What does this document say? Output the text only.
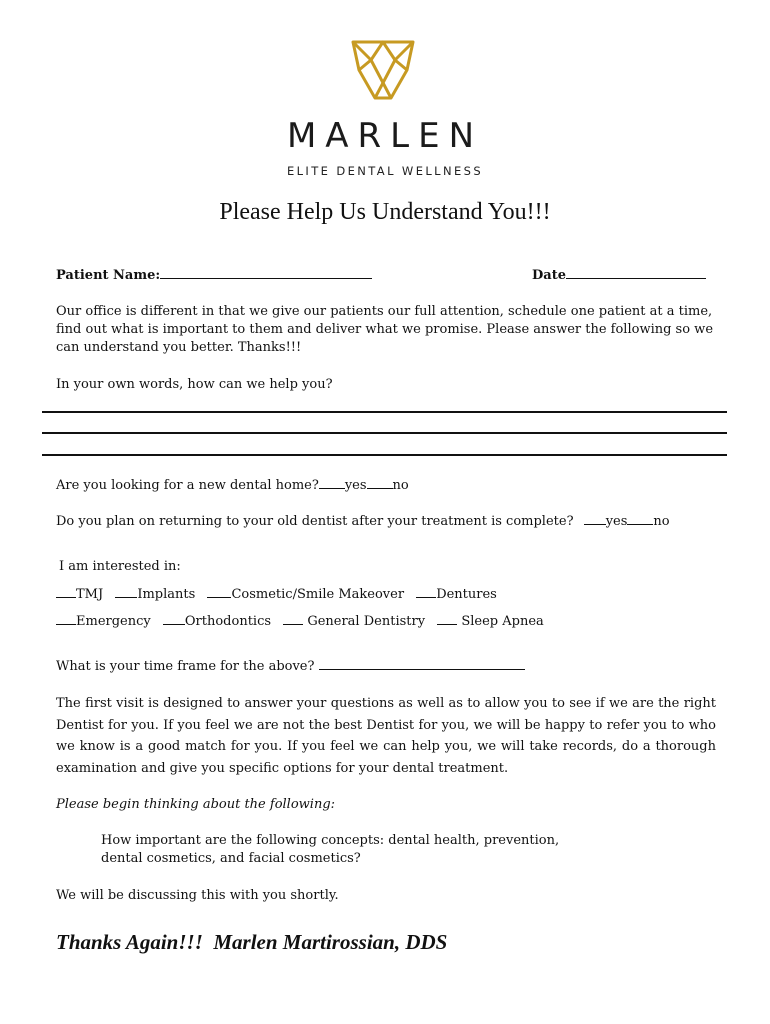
MARLEN
ELITE DENTAL WELLNESS
Please Help Us Understand You!!!
Patient Name:	Date
Our office is different in that we give our patients our full attention, schedule one patient at a time, find out what is important to them and deliver what we promise. Please answer the following so we can understand you better. Thanks!!!
In your own words, how can we help you?
Are you looking for a new dental home? yes no
Do you plan on returning to your old dentist after your treatment is complete? yes no
I am interested in:
TMJ	Implants	Cosmetic/Smile Makeover Dentures
Emergency	Orthodontics	General Dentistry	Sleep Apnea
What is your time frame for the above?
The first visit is designed to answer your questions as well as to allow you to see if we are the right Dentist for you. If you feel we are not the best Dentist for you, we will be happy to refer you to who we know is a good match for you. If you feel we can help you, we will take records, do a thorough examination and give you specific options for your dental treatment.
Please begin thinking about the following:
How important are the following concepts: dental health, prevention, dental cosmetics, and facial cosmetics?
We will be discussing this with you shortly.
Thanks Again!!!  Marlen Martirossian, DDS
